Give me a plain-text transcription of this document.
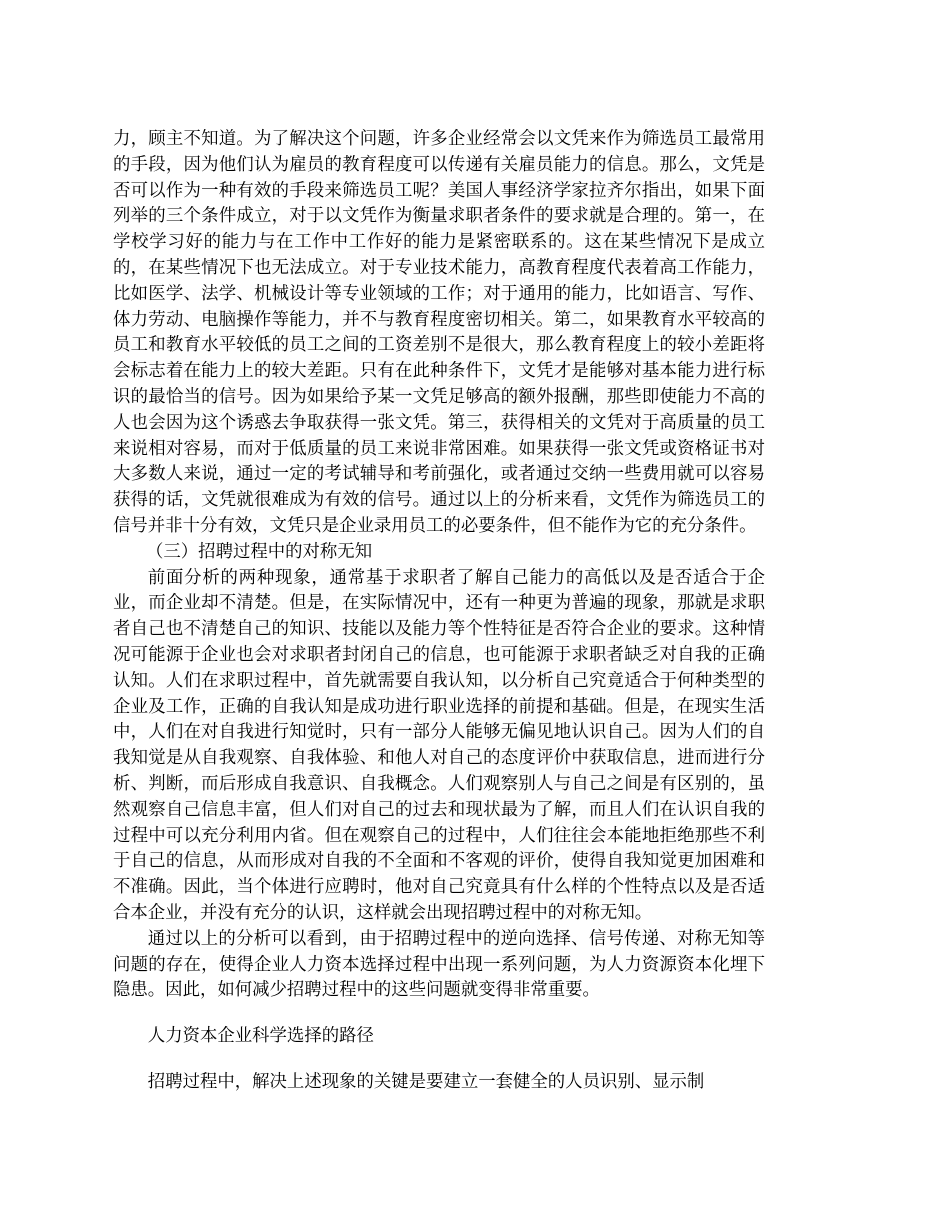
力，顾主不知道。为了解决这个问题，许多企业经常会以文凭来作为筛选员工最常用的手段，因为他们认为雇员的教育程度可以传递有关雇员能力的信息。那么，文凭是否可以作为一种有效的手段来筛选员工呢？美国人事经济学家拉齐尔指出，如果下面列举的三个条件成立，对于以文凭作为衡量求职者条件的要求就是合理的。第一，在学校学习好的能力与在工作中工作好的能力是紧密联系的。这在某些情况下是成立的，在某些情况下也无法成立。对于专业技术能力，高教育程度代表着高工作能力，比如医学、法学、机械设计等专业领域的工作；对于通用的能力，比如语言、写作、体力劳动、电脑操作等能力，并不与教育程度密切相关。第二，如果教育水平较高的员工和教育水平较低的员工之间的工资差别不是很大，那么教育程度上的较小差距将会标志着在能力上的较大差距。只有在此种条件下，文凭才是能够对基本能力进行标识的最恰当的信号。因为如果给予某一文凭足够高的额外报酬，那些即使能力不高的人也会因为这个诱惑去争取获得一张文凭。第三，获得相关的文凭对于高质量的员工来说相对容易，而对于低质量的员工来说非常困难。如果获得一张文凭或资格证书对大多数人来说，通过一定的考试辅导和考前强化，或者通过交纳一些费用就可以容易获得的话，文凭就很难成为有效的信号。通过以上的分析来看，文凭作为筛选员工的信号并非十分有效，文凭只是企业录用员工的必要条件，但不能作为它的充分条件。

（三）招聘过程中的对称无知

前面分析的两种现象，通常基于求职者了解自己能力的高低以及是否适合于企业，而企业却不清楚。但是，在实际情况中，还有一种更为普遍的现象，那就是求职者自己也不清楚自己的知识、技能以及能力等个性特征是否符合企业的要求。这种情况可能源于企业也会对求职者封闭自己的信息，也可能源于求职者缺乏对自我的正确认知。人们在求职过程中，首先就需要自我认知，以分析自己究竟适合于何种类型的企业及工作，正确的自我认知是成功进行职业选择的前提和基础。但是，在现实生活中，人们在对自我进行知觉时，只有一部分人能够无偏见地认识自己。因为人们的自我知觉是从自我观察、自我体验、和他人对自己的态度评价中获取信息，进而进行分析、判断，而后形成自我意识、自我概念。人们观察别人与自己之间是有区别的，虽然观察自己信息丰富，但人们对自己的过去和现状最为了解，而且人们在认识自我的过程中可以充分利用内省。但在观察自己的过程中，人们往往会本能地拒绝那些不利于自己的信息，从而形成对自我的不全面和不客观的评价，使得自我知觉更加困难和不准确。因此，当个体进行应聘时，他对自己究竟具有什么样的个性特点以及是否适合本企业，并没有充分的认识，这样就会出现招聘过程中的对称无知。

通过以上的分析可以看到，由于招聘过程中的逆向选择、信号传递、对称无知等问题的存在，使得企业人力资本选择过程中出现一系列问题，为人力资源资本化埋下隐患。因此，如何减少招聘过程中的这些问题就变得非常重要。

人力资本企业科学选择的路径

招聘过程中，解决上述现象的关键是要建立一套健全的人员识别、显示制
